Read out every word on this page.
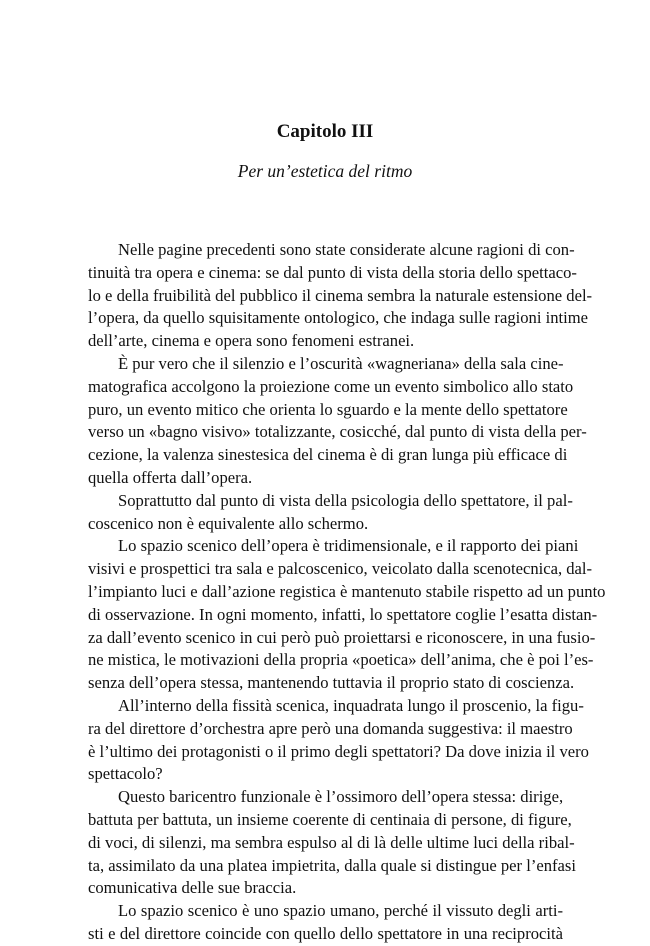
Capitolo III
Per un’estetica del ritmo
Nelle pagine precedenti sono state considerate alcune ragioni di con-
tinuità tra opera e cinema: se dal punto di vista della storia dello spettaco-
lo e della fruibilità del pubblico il cinema sembra la naturale estensione del-
l’opera, da quello squisitamente ontologico, che indaga sulle ragioni intime
dell’arte, cinema e opera sono fenomeni estranei.
È pur vero che il silenzio e l’oscurità «wagneriana» della sala cine-
matografica accolgono la proiezione come un evento simbolico allo stato
puro, un evento mitico che orienta lo sguardo e la mente dello spettatore
verso un «bagno visivo» totalizzante, cosicché, dal punto di vista della per-
cezione, la valenza sinestesica del cinema è di gran lunga più efficace di
quella offerta dall’opera.
Soprattutto dal punto di vista della psicologia dello spettatore, il pal-
coscenico non è equivalente allo schermo.
Lo spazio scenico dell’opera è tridimensionale, e il rapporto dei piani
visivi e prospettici tra sala e palcoscenico, veicolato dalla scenotecnica, dal-
l’impianto luci e dall’azione registica è mantenuto stabile rispetto ad un punto
di osservazione. In ogni momento, infatti, lo spettatore coglie l’esatta distan-
za dall’evento scenico in cui però può proiettarsi e riconoscere, in una fusio-
ne mistica, le motivazioni della propria «poetica» dell’anima, che è poi l’es-
senza dell’opera stessa, mantenendo tuttavia il proprio stato di coscienza.
All’interno della fissità scenica, inquadrata lungo il proscenio, la figu-
ra del direttore d’orchestra apre però una domanda suggestiva: il maestro
è l’ultimo dei protagonisti o il primo degli spettatori? Da dove inizia il vero
spettacolo?
Questo baricentro funzionale è l’ossimoro dell’opera stessa: dirige,
battuta per battuta, un insieme coerente di centinaia di persone, di figure,
di voci, di silenzi, ma sembra espulso al di là delle ultime luci della ribal-
ta, assimilato da una platea impietrita, dalla quale si distingue per l’enfasi
comunicativa delle sue braccia.
Lo spazio scenico è uno spazio umano, perché il vissuto degli arti-
sti e del direttore coincide con quello dello spettatore in una reciprocità
